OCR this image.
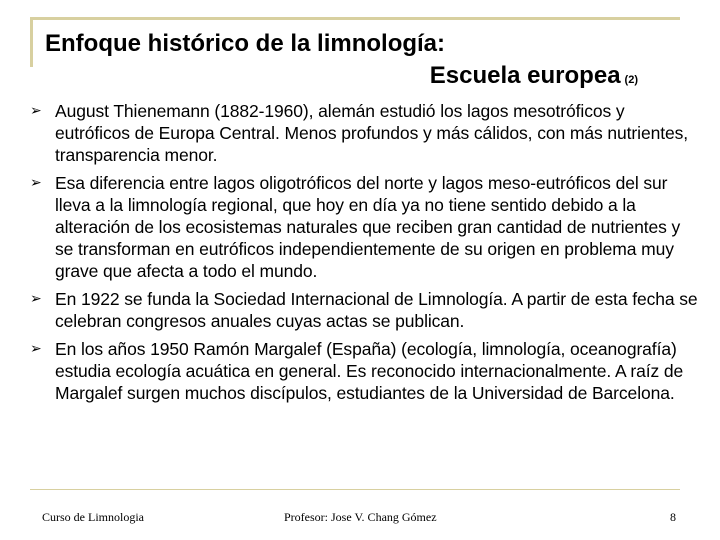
Enfoque histórico de la limnología:
Escuela europea (2)
➢ August Thienemann (1882-1960), alemán estudió los lagos mesotróficos y eutróficos de Europa Central. Menos profundos y más cálidos, con más nutrientes, transparencia menor.
➢ Esa diferencia entre lagos oligotróficos del norte y lagos meso-eutróficos del sur lleva a la limnología regional, que hoy en día ya no tiene sentido debido a la alteración de los ecosistemas naturales que reciben gran cantidad de nutrientes y se transforman en eutróficos independientemente de su origen en problema muy grave que afecta a todo el mundo.
➢ En 1922 se funda la Sociedad Internacional de Limnología. A partir de esta fecha se celebran congresos anuales cuyas actas se publican.
➢ En los años 1950 Ramón Margalef (España) (ecología, limnología, oceanografía) estudia ecología acuática en general. Es reconocido internacionalmente. A raíz de Margalef surgen muchos discípulos, estudiantes de la Universidad de Barcelona.
Curso de Limnologia	Profesor: Jose V. Chang Gómez	8
